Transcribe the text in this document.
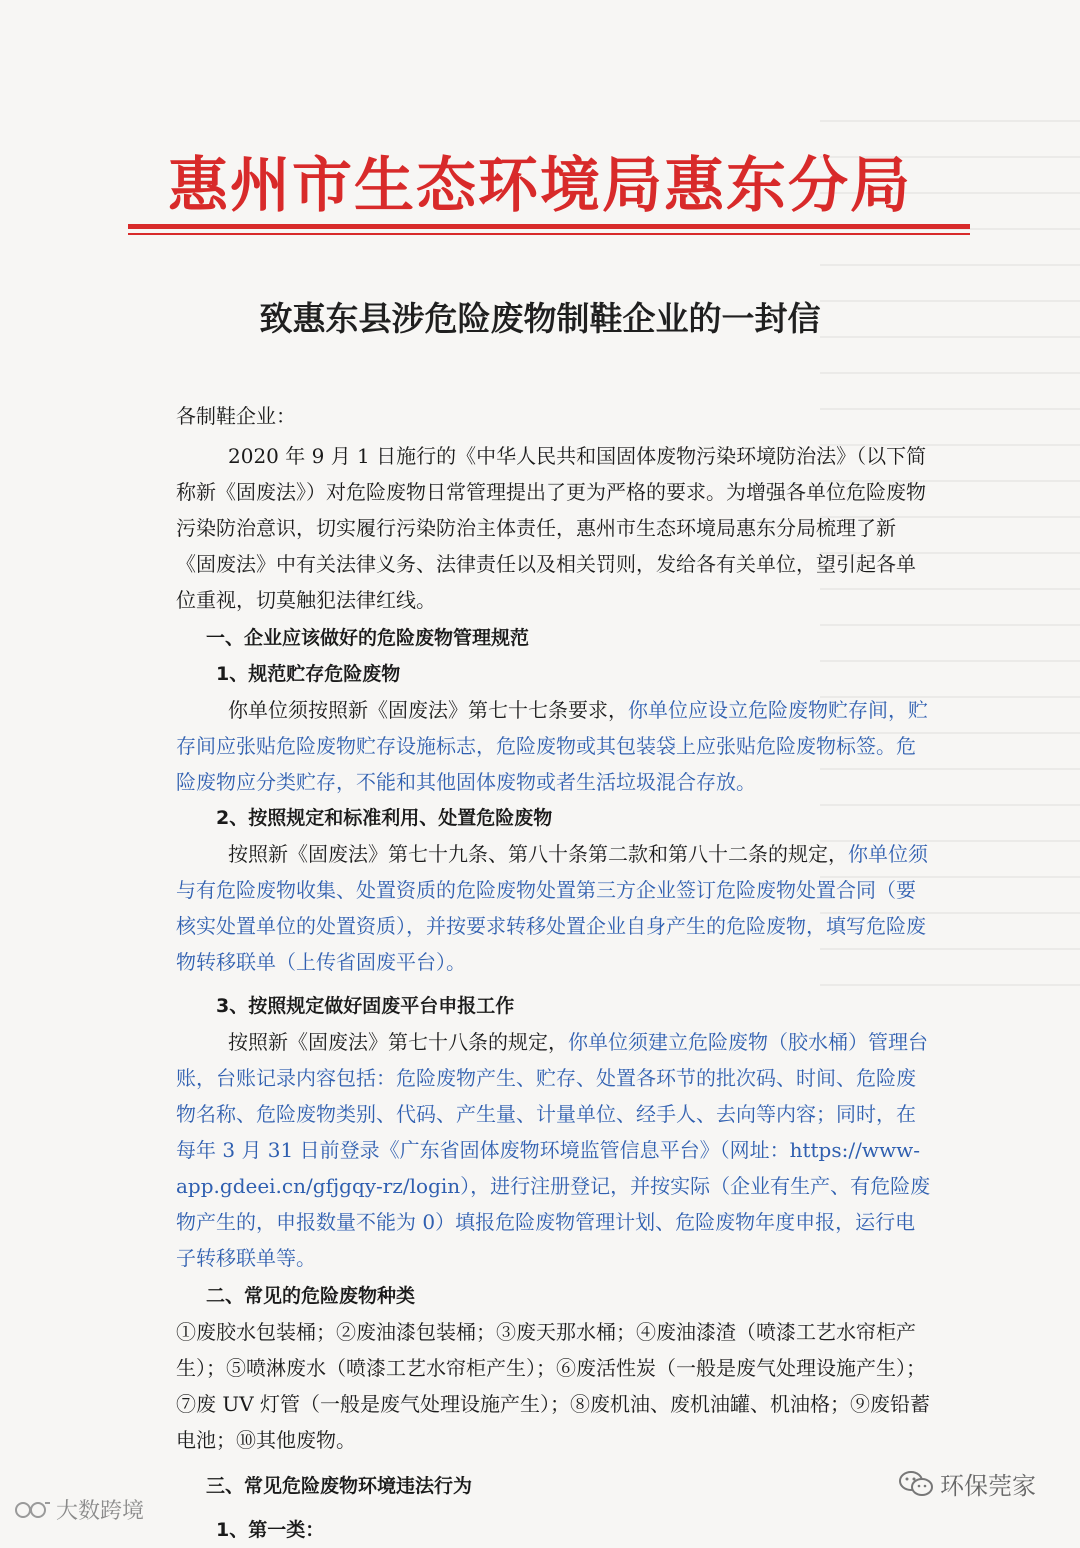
惠州市生态环境局惠东分局
致惠东县涉危险废物制鞋企业的一封信

各制鞋企业：

2020 年 9 月 1 日施行的《中华人民共和国固体废物污染环境防治法》（以下简称新《固废法》）对危险废物日常管理提出了更为严格的要求。为增强各单位危险废物污染防治意识，切实履行污染防治主体责任，惠州市生态环境局惠东分局梳理了新《固废法》中有关法律义务、法律责任以及相关罚则，发给各有关单位，望引起各单位重视，切莫触犯法律红线。

一、企业应该做好的危险废物管理规范

1、规范贮存危险废物

你单位须按照新《固废法》第七十七条要求，你单位应设立危险废物贮存间，贮存间应张贴危险废物贮存设施标志，危险废物或其包装袋上应张贴危险废物标签。危险废物应分类贮存，不能和其他固体废物或者生活垃圾混合存放。

2、按照规定和标准利用、处置危险废物

按照新《固废法》第七十九条、第八十条第二款和第八十二条的规定，你单位须与有危险废物收集、处置资质的危险废物处置第三方企业签订危险废物处置合同（要核实处置单位的处置资质），并按要求转移处置企业自身产生的危险废物，填写危险废物转移联单（上传省固废平台）。

3、按照规定做好固废平台申报工作

按照新《固废法》第七十八条的规定，你单位须建立危险废物（胶水桶）管理台账，台账记录内容包括：危险废物产生、贮存、处置各环节的批次码、时间、危险废物名称、危险废物类别、代码、产生量、计量单位、经手人、去向等内容；同时，在每年 3 月 31 日前登录《广东省固体废物环境监管信息平台》（网址：https://www-app.gdeei.cn/gfjgqy-rz/login），进行注册登记，并按实际（企业有生产、有危险废物产生的，申报数量不能为 0）填报危险废物管理计划、危险废物年度申报，运行电子转移联单等。

二、常见的危险废物种类

①废胶水包装桶；②废油漆包装桶；③废天那水桶；④废油漆渣（喷漆工艺水帘柜产生）；⑤喷淋废水（喷漆工艺水帘柜产生）；⑥废活性炭（一般是废气处理设施产生）；⑦废 UV 灯管（一般是废气处理设施产生）；⑧废机油、废机油罐、机油格；⑨废铅蓄电池；⑩其他废物。

三、常见危险废物环境违法行为

1、第一类：

大数跨境
环保莞家
